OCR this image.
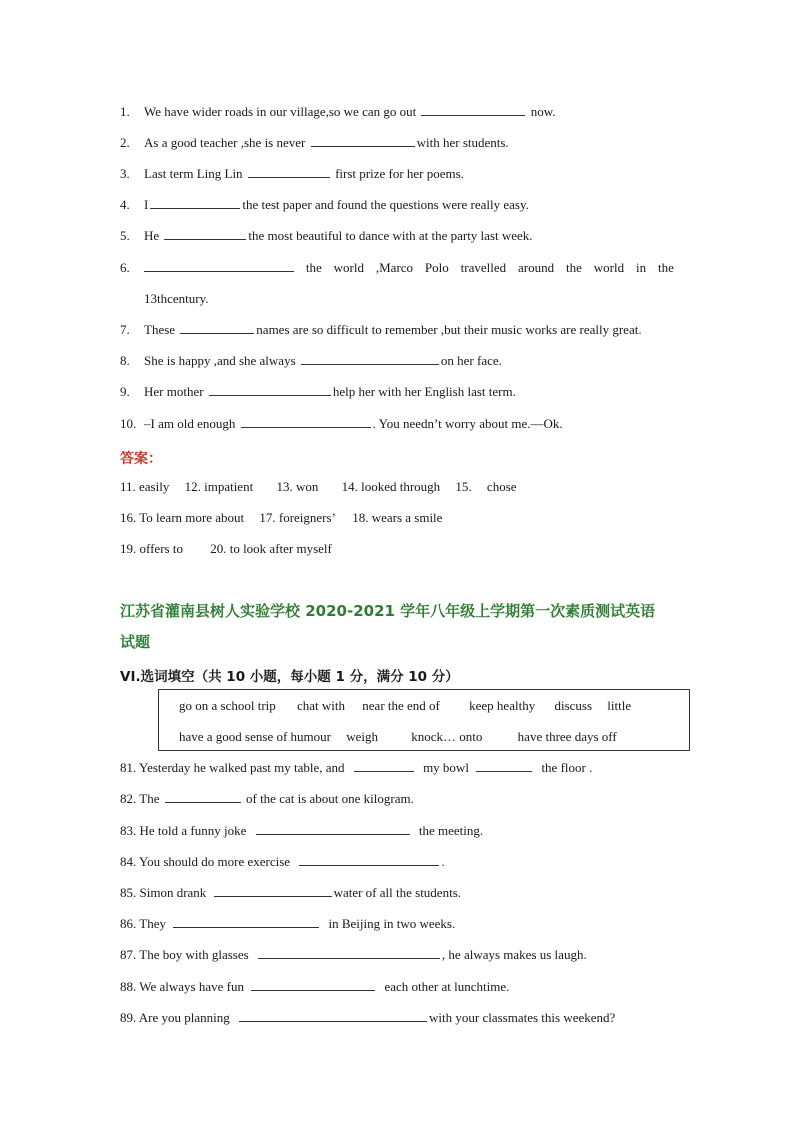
1. We have wider roads in our village,so we can go out	now.
2. As a good teacher ,she is never	with her students.
3. Last term Ling Lin	first prize for her poems.
4. I	the test paper and found the questions were really easy.
5. He	the most beautiful to dance with at the party last week.
6.	the world ,Marco Polo travelled around the world in the
13thcentury.
7. These	names are so difficult to remember ,but their music works are really great.
8. She is happy ,and she always	on her face.
9. Her mother	help her with her English last term.
10. –I am old enough	. You needn’t worry about me.—Ok.
答案：
11. easily 12. impatient 13. won 14. looked through 15. chose
16. To learn more about 17. foreigners’ 18. wears a smile
19. offers to 20. to look after myself
江苏省灌南县树人实验学校 2020-2021 学年八年级上学期第一次素质测试英语
试题
VI.选词填空（共 10 小题，每小题 1 分，满分 10 分）
go on a school trip chat with near the end of keep healthy discuss little
have a good sense of humour weigh	knock… onto	have three days off
81. Yesterday he walked past my table, and	my bowl	the floor .
82. The	of the cat is about one kilogram.
83. He told a funny joke	the meeting.
84. You should do more exercise	.
85. Simon drank	water of all the students.
86. They	in Beijing in two weeks.
87. The boy with glasses	, he always makes us laugh.
88. We always have fun	each other at lunchtime.
89. Are you planning	with your classmates this weekend?
